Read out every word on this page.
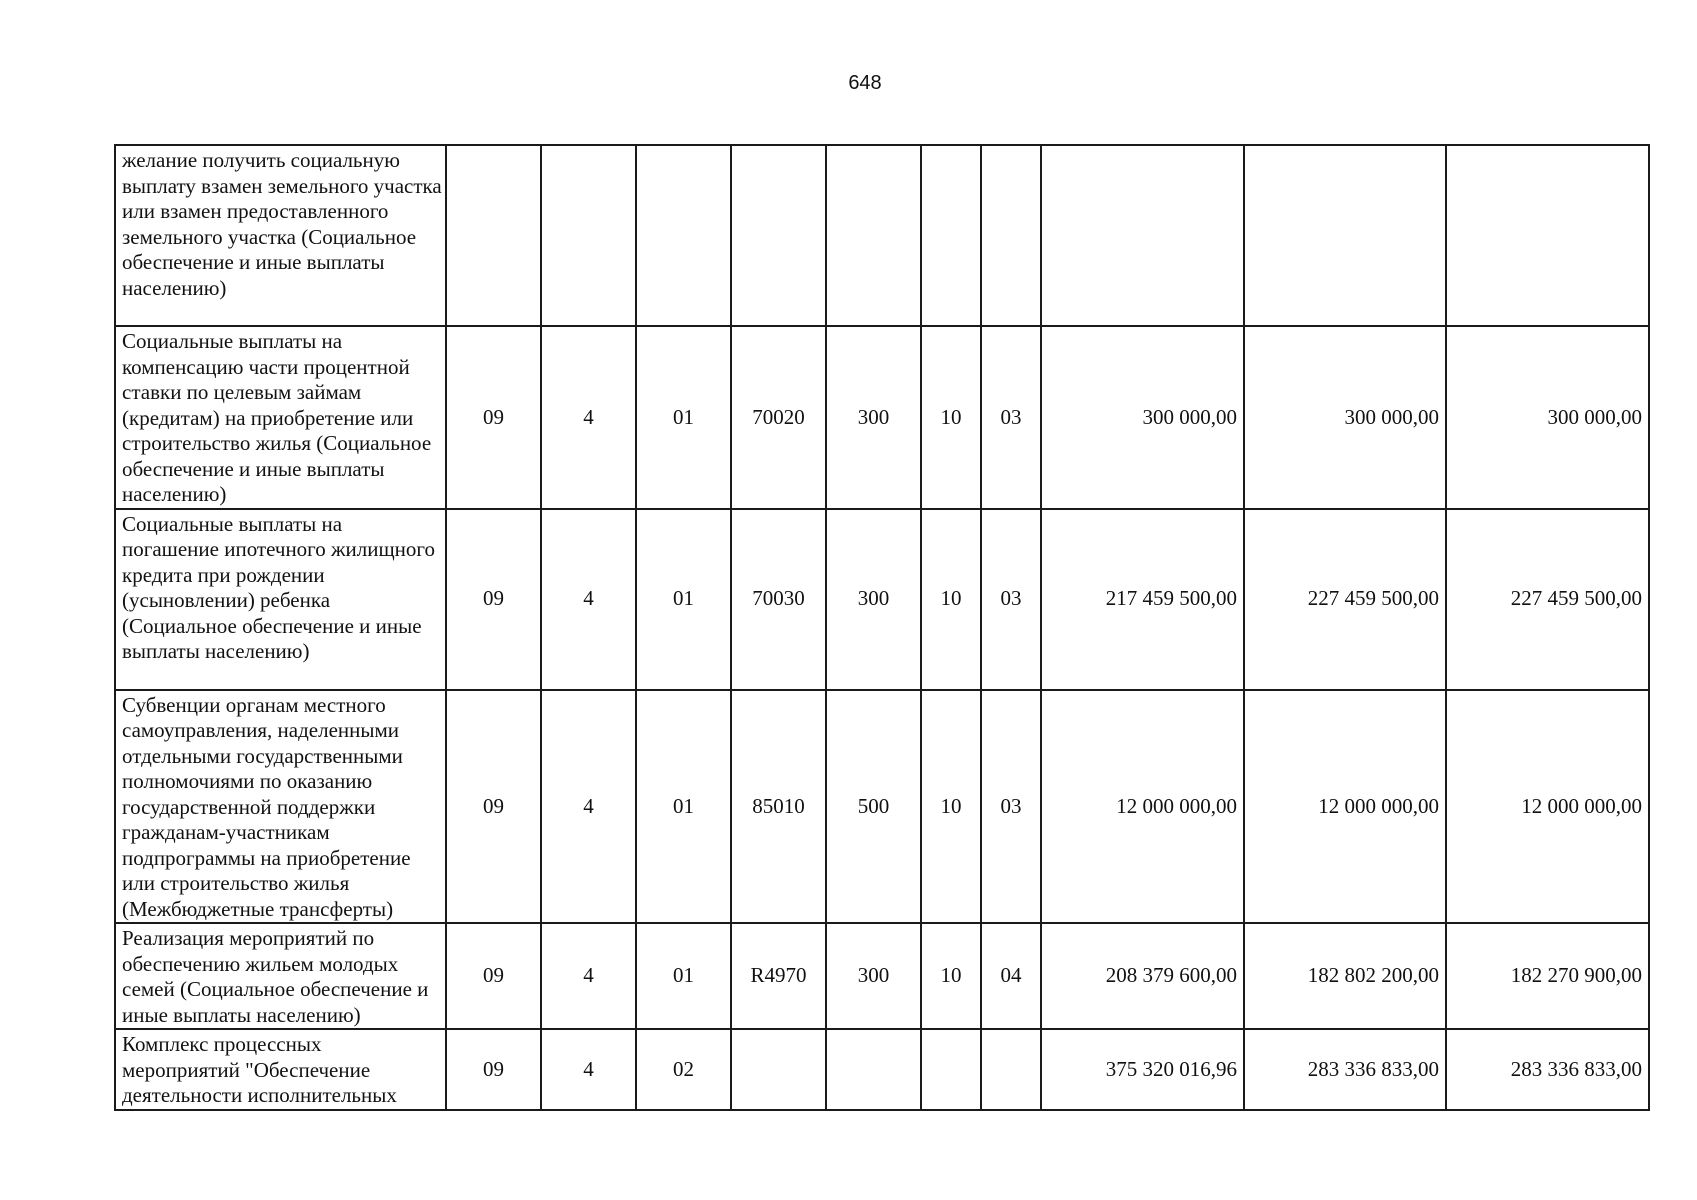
648
желание получить социальную выплату взамен земельного участка или взамен предоставленного земельного участка (Социальное обеспечение и иные выплаты населению)										
Социальные выплаты на компенсацию части процентной ставки по целевым займам (кредитам) на приобретение или строительство жилья (Социальное обеспечение и иные выплаты населению)	09	4	01	70020	300	10	03	300 000,00	300 000,00	300 000,00
Социальные выплаты на погашение ипотечного жилищного кредита при рождении (усыновлении) ребенка (Социальное обеспечение и иные выплаты населению)	09	4	01	70030	300	10	03	217 459 500,00	227 459 500,00	227 459 500,00
Субвенции органам местного самоуправления, наделенными отдельными государственными полномочиями по оказанию государственной поддержки гражданам-участникам подпрограммы на приобретение или строительство жилья (Межбюджетные трансферты)	09	4	01	85010	500	10	03	12 000 000,00	12 000 000,00	12 000 000,00
Реализация мероприятий по обеспечению жильем молодых семей (Социальное обеспечение и иные выплаты населению)	09	4	01	R4970	300	10	04	208 379 600,00	182 802 200,00	182 270 900,00
Комплекс процессных мероприятий "Обеспечение деятельности исполнительных	09	4	02					375 320 016,96	283 336 833,00	283 336 833,00
